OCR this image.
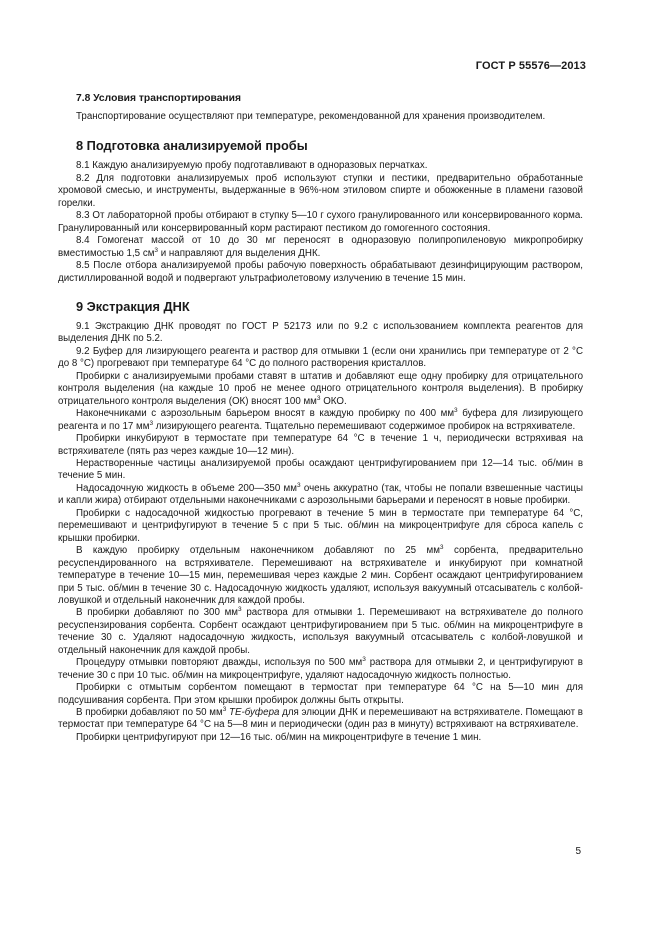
ГОСТ Р 55576—2013
7.8 Условия транспортирования

Транспортирование осуществляют при температуре, рекомендованной для хранения производителем.

8 Подготовка анализируемой пробы

8.1 Каждую анализируемую пробу подготавливают в одноразовых перчатках.

8.2 Для подготовки анализируемых проб используют ступки и пестики, предварительно обработанные хромовой смесью, и инструменты, выдержанные в 96%-ном этиловом спирте и обожженные в пламени газовой горелки.

8.3 От лабораторной пробы отбирают в ступку 5—10 г сухого гранулированного или консервированного корма. Гранулированный или консервированный корм растирают пестиком до гомогенного состояния.

8.4 Гомогенат массой от 10 до 30 мг переносят в одноразовую полипропиленовую микропробирку вместимостью 1,5 $см^3$ и направляют для выделения ДНК.

8.5 После отбора анализируемой пробы рабочую поверхность обрабатывают дезинфицирующим раствором, дистиллированной водой и подвергают ультрафиолетовому излучению в течение 15 мин.

9 Экстракция ДНК

9.1 Экстракцию ДНК проводят по ГОСТ Р 52173 или по 9.2 с использованием комплекта реагентов для выделения ДНК по 5.2.

9.2 Буфер для лизирующего реагента и раствор для отмывки 1 (если они хранились при температуре от 2 °С до 8 °С) прогревают при температуре 64 °С до полного растворения кристаллов.

Пробирки с анализируемыми пробами ставят в штатив и добавляют еще одну пробирку для отрицательного контроля выделения (на каждые 10 проб не менее одного отрицательного контроля выделения). В пробирку отрицательного контроля выделения (ОК) вносят 100 $мм^3$ ОКО.

Наконечниками с аэрозольным барьером вносят в каждую пробирку по 400 $мм^3$ буфера для лизирующего реагента и по 17 $мм^3$ лизирующего реагента. Тщательно перемешивают содержимое пробирок на встряхивателе.

Пробирки инкубируют в термостате при температуре 64 °С в течение 1 ч, периодически встряхивая на встряхивателе (пять раз через каждые 10—12 мин).

Нерастворенные частицы анализируемой пробы осаждают центрифугированием при 12—14 тыс. об/мин в течение 5 мин.

Надосадочную жидкость в объеме 200—350 $мм^3$ очень аккуратно (так, чтобы не попали взвешенные частицы и капли жира) отбирают отдельными наконечниками с аэрозольными барьерами и переносят в новые пробирки.

Пробирки с надосадочной жидкостью прогревают в течение 5 мин в термостате при температуре 64 °С, перемешивают и центрифугируют в течение 5 с при 5 тыс. об/мин на микроцентрифуге для сброса капель с крышки пробирки.

В каждую пробирку отдельным наконечником добавляют по 25 $мм^3$ сорбента, предварительно ресуспендированного на встряхивателе. Перемешивают на встряхивателе и инкубируют при комнатной температуре в течение 10—15 мин, перемешивая через каждые 2 мин. Сорбент осаждают центрифугированием при 5 тыс. об/мин в течение 30 с. Надосадочную жидкость удаляют, используя вакуумный отсасыватель с колбой-ловушкой и отдельный наконечник для каждой пробы.

В пробирки добавляют по 300 $мм^3$ раствора для отмывки 1. Перемешивают на встряхивателе до полного ресуспензирования сорбента. Сорбент осаждают центрифугированием при 5 тыс. об/мин на микроцентрифуге в течение 30 с. Удаляют надосадочную жидкость, используя вакуумный отсасыватель с колбой-ловушкой и отдельный наконечник для каждой пробы.

Процедуру отмывки повторяют дважды, используя по 500 $мм^3$ раствора для отмывки 2, и центрифугируют в течение 30 с при 10 тыс. об/мин на микроцентрифуге, удаляют надосадочную жидкость полностью.

Пробирки с отмытым сорбентом помещают в термостат при температуре 64 °С на 5—10 мин для подсушивания сорбента. При этом крышки пробирок должны быть открыты.

В пробирки добавляют по 50 $мм^3$ ТЕ-буфера для элюции ДНК и перемешивают на встряхивателе. Помещают в термостат при температуре 64 °С на 5—8 мин и периодически (один раз в минуту) встряхивают на встряхивателе.

Пробирки центрифугируют при 12—16 тыс. об/мин на микроцентрифуге в течение 1 мин.

5
